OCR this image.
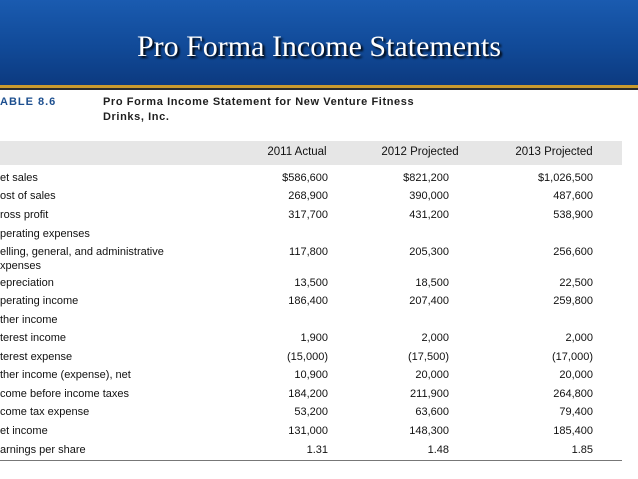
Pro Forma Income Statements
ABLE 8.6	Pro Forma Income Statement for New Venture Fitness
Drinks, Inc.
2011 Actual	2012 Projected	2013 Projected
et sales	$586,600	$821,200	$1,026,500
ost of sales	268,900	390,000	487,600
ross profit	317,700	431,200	538,900
perating expenses
elling, general, and administrative
xpenses
117,800	205,300	256,600
epreciation	13,500	18,500	22,500
perating income	186,400	207,400	259,800
ther income
terest income	1,900	2,000	2,000
terest expense	(15,000)	(17,500)	(17,000)
ther income (expense), net	10,900	20,000	20,000
come before income taxes	184,200	211,900	264,800
come tax expense	53,200	63,600	79,400
et income	131,000	148,300	185,400
arnings per share	1.31	1.48	1.85
